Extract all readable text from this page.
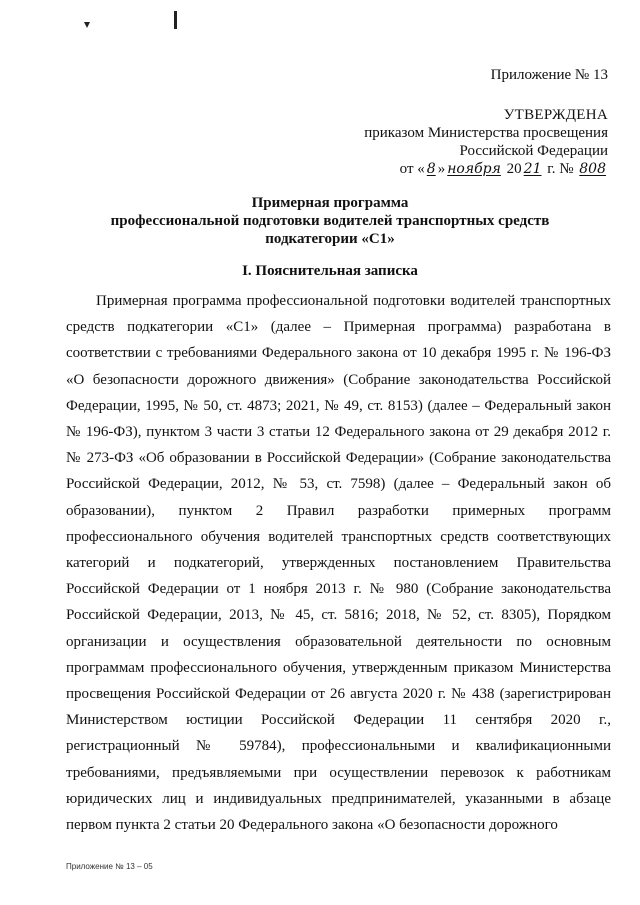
Приложение № 13
УТВЕРЖДЕНА
приказом Министерства просвещения
Российской Федерации
от « 8 » ноября 20 21 г. № 808
Примерная программа
профессиональной подготовки водителей транспортных средств
подкатегории «C1»
I. Пояснительная записка

Примерная программа профессиональной подготовки водителей транспортных средств подкатегории «C1» (далее – Примерная программа) разработана в соответствии с требованиями Федерального закона от 10 декабря 1995 г. № 196-ФЗ «О безопасности дорожного движения» (Собрание законодательства Российской Федерации, 1995, № 50, ст. 4873; 2021, № 49, ст. 8153) (далее – Федеральный закон № 196-ФЗ), пунктом 3 части 3 статьи 12 Федерального закона от 29 декабря 2012 г. № 273-ФЗ «Об образовании в Российской Федерации» (Собрание законодательства Российской Федерации, 2012, № 53, ст. 7598) (далее – Федеральный закон об образовании), пунктом 2 Правил разработки примерных программ профессионального обучения водителей транспортных средств соответствующих категорий и подкатегорий, утвержденных постановлением Правительства Российской Федерации от 1 ноября 2013 г. № 980 (Собрание законодательства Российской Федерации, 2013, № 45, ст. 5816; 2018, № 52, ст. 8305), Порядком организации и осуществления образовательной деятельности по основным программам профессионального обучения, утвержденным приказом Министерства просвещения Российской Федерации от 26 августа 2020 г. № 438 (зарегистрирован Министерством юстиции Российской Федерации 11 сентября 2020 г., регистрационный № 59784), профессиональными и квалификационными требованиями, предъявляемыми при осуществлении перевозок к работникам юридических лиц и индивидуальных предпринимателей, указанными в абзаце первом пункта 2 статьи 20 Федерального закона «О безопасности дорожного

Приложение № 13 – 05
